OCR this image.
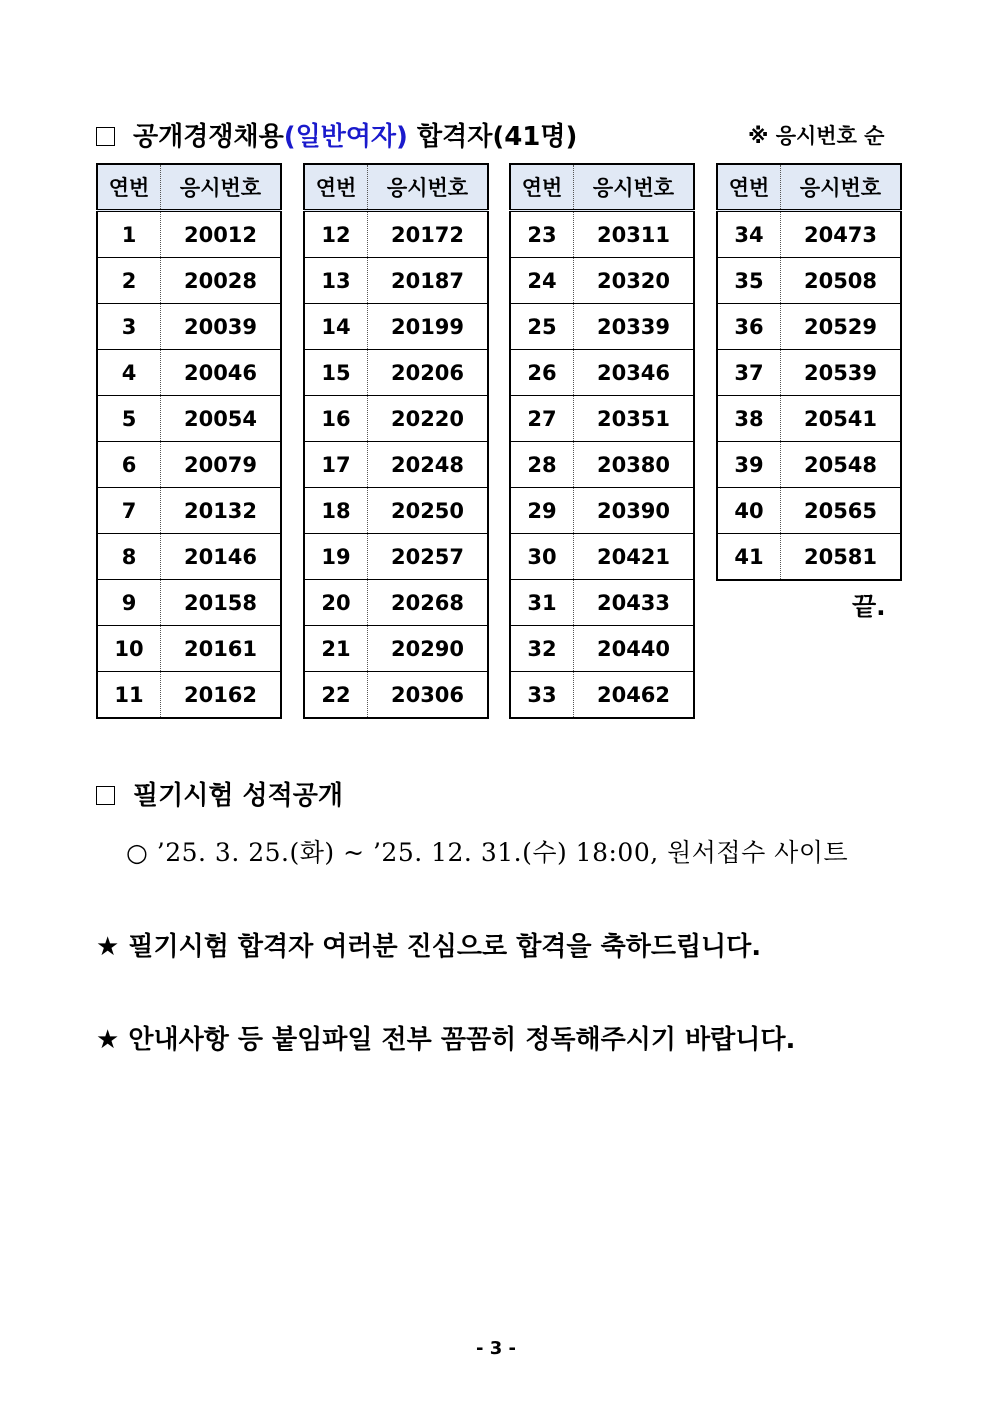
공개경쟁채용(일반여자) 합격자(41명)	※ 응시번호 순
연번	응시번호
1	20012
2	20028
3	20039
4	20046
5	20054
6	20079
7	20132
8	20146
9	20158
10	20161
11	20162
연번	응시번호
12	20172
13	20187
14	20199
15	20206
16	20220
17	20248
18	20250
19	20257
20	20268
21	20290
22	20306
연번	응시번호
23	20311
24	20320
25	20339
26	20346
27	20351
28	20380
29	20390
30	20421
31	20433
32	20440
33	20462
연번	응시번호
34	20473
35	20508
36	20529
37	20539
38	20541
39	20548
40	20565
41	20581
끝.
필기시험 성적공개
○ ’25. 3. 25.(화) ~ ’25. 12. 31.(수) 18:00, 원서접수 사이트
★ 필기시험 합격자 여러분 진심으로 합격을 축하드립니다.
★ 안내사항 등 붙임파일 전부 꼼꼼히 정독해주시기 바랍니다.
- 3 -
